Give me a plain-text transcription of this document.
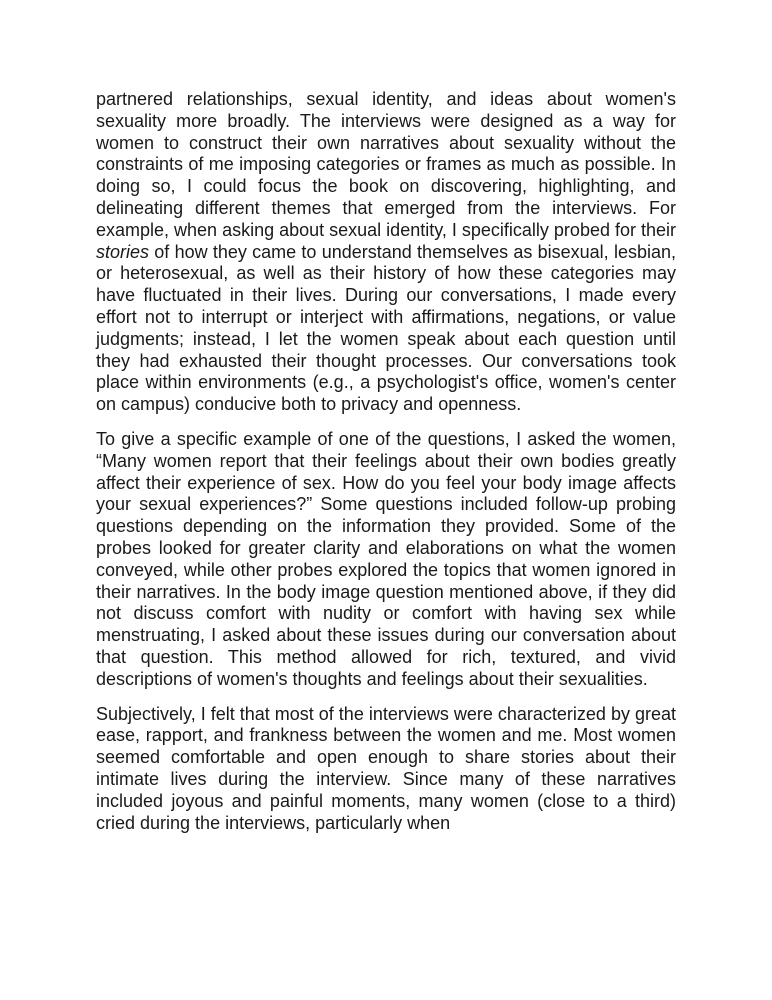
partnered relationships, sexual identity, and ideas about women's sexuality more broadly. The interviews were designed as a way for women to construct their own narratives about sexuality without the constraints of me imposing categories or frames as much as possible. In doing so, I could focus the book on discovering, highlighting, and delineating different themes that emerged from the interviews. For example, when asking about sexual identity, I specifically probed for their stories of how they came to understand themselves as bisexual, lesbian, or heterosexual, as well as their history of how these categories may have fluctuated in their lives. During our conversations, I made every effort not to interrupt or interject with affirmations, negations, or value judgments; instead, I let the women speak about each question until they had exhausted their thought processes. Our conversations took place within environments (e.g., a psychologist's office, women's center on campus) conducive both to privacy and openness.

To give a specific example of one of the questions, I asked the women, “Many women report that their feelings about their own bodies greatly affect their experience of sex. How do you feel your body image affects your sexual experiences?” Some questions included follow-up probing questions depending on the information they provided. Some of the probes looked for greater clarity and elaborations on what the women conveyed, while other probes explored the topics that women ignored in their narratives. In the body image question mentioned above, if they did not discuss comfort with nudity or comfort with having sex while menstruating, I asked about these issues during our conversation about that question. This method allowed for rich, textured, and vivid descriptions of women's thoughts and feelings about their sexualities.

Subjectively, I felt that most of the interviews were characterized by great ease, rapport, and frankness between the women and me. Most women seemed comfortable and open enough to share stories about their intimate lives during the interview. Since many of these narratives included joyous and painful moments, many women (close to a third) cried during the interviews, particularly when
